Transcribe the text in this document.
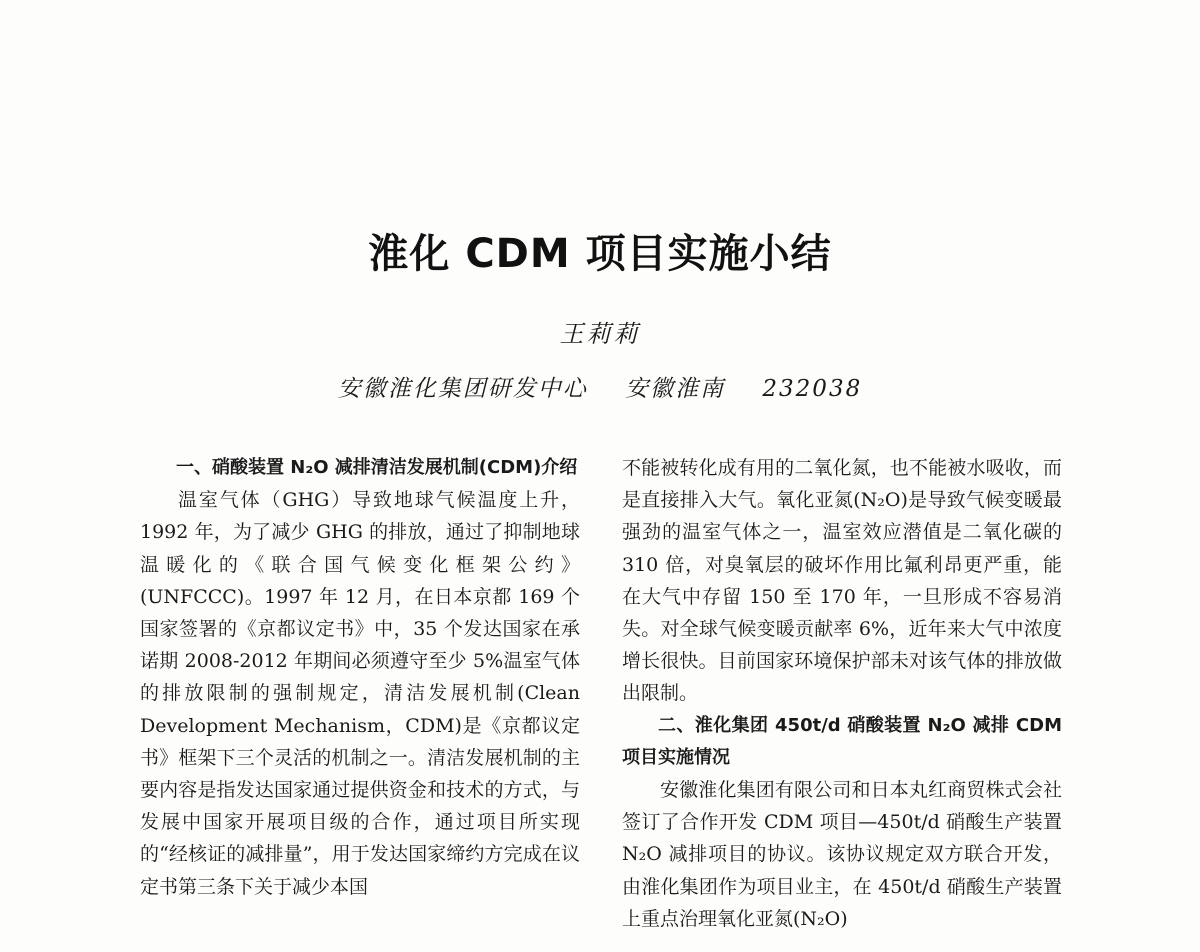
淮化 CDM 项目实施小结
王莉莉
安徽淮化集团研发中心 安徽淮南 232038

一、硝酸装置 N₂O 减排清洁发展机制(CDM)介绍

温室气体（GHG）导致地球气候温度上升，1992 年，为了减少 GHG 的排放，通过了抑制地球温暖化的《联合国气候变化框架公约》(UNFCCC)。1997 年 12 月，在日本京都 169 个国家签署的《京都议定书》中，35 个发达国家在承诺期 2008-2012 年期间必须遵守至少 5%温室气体的排放限制的强制规定，清洁发展机制(Clean Development Mechanism，CDM)是《京都议定书》框架下三个灵活的机制之一。清洁发展机制的主要内容是指发达国家通过提供资金和技术的方式，与发展中国家开展项目级的合作，通过项目所实现的“经核证的减排量”，用于发达国家缔约方完成在议定书第三条下关于减少本国

不能被转化成有用的二氧化氮，也不能被水吸收，而是直接排入大气。氧化亚氮(N₂O)是导致气候变暖最强劲的温室气体之一，温室效应潜值是二氧化碳的 310 倍，对臭氧层的破坏作用比氟利昂更严重，能在大气中存留 150 至 170 年，一旦形成不容易消失。对全球气候变暖贡献率 6%，近年来大气中浓度增长很快。目前国家环境保护部未对该气体的排放做出限制。

二、淮化集团 450t/d 硝酸装置 N₂O 减排 CDM 项目实施情况

安徽淮化集团有限公司和日本丸红商贸株式会社签订了合作开发 CDM 项目—450t/d 硝酸生产装置 N₂O 减排项目的协议。该协议规定双方联合开发，由淮化集团作为项目业主，在 450t/d 硝酸生产装置上重点治理氧化亚氮(N₂O)
